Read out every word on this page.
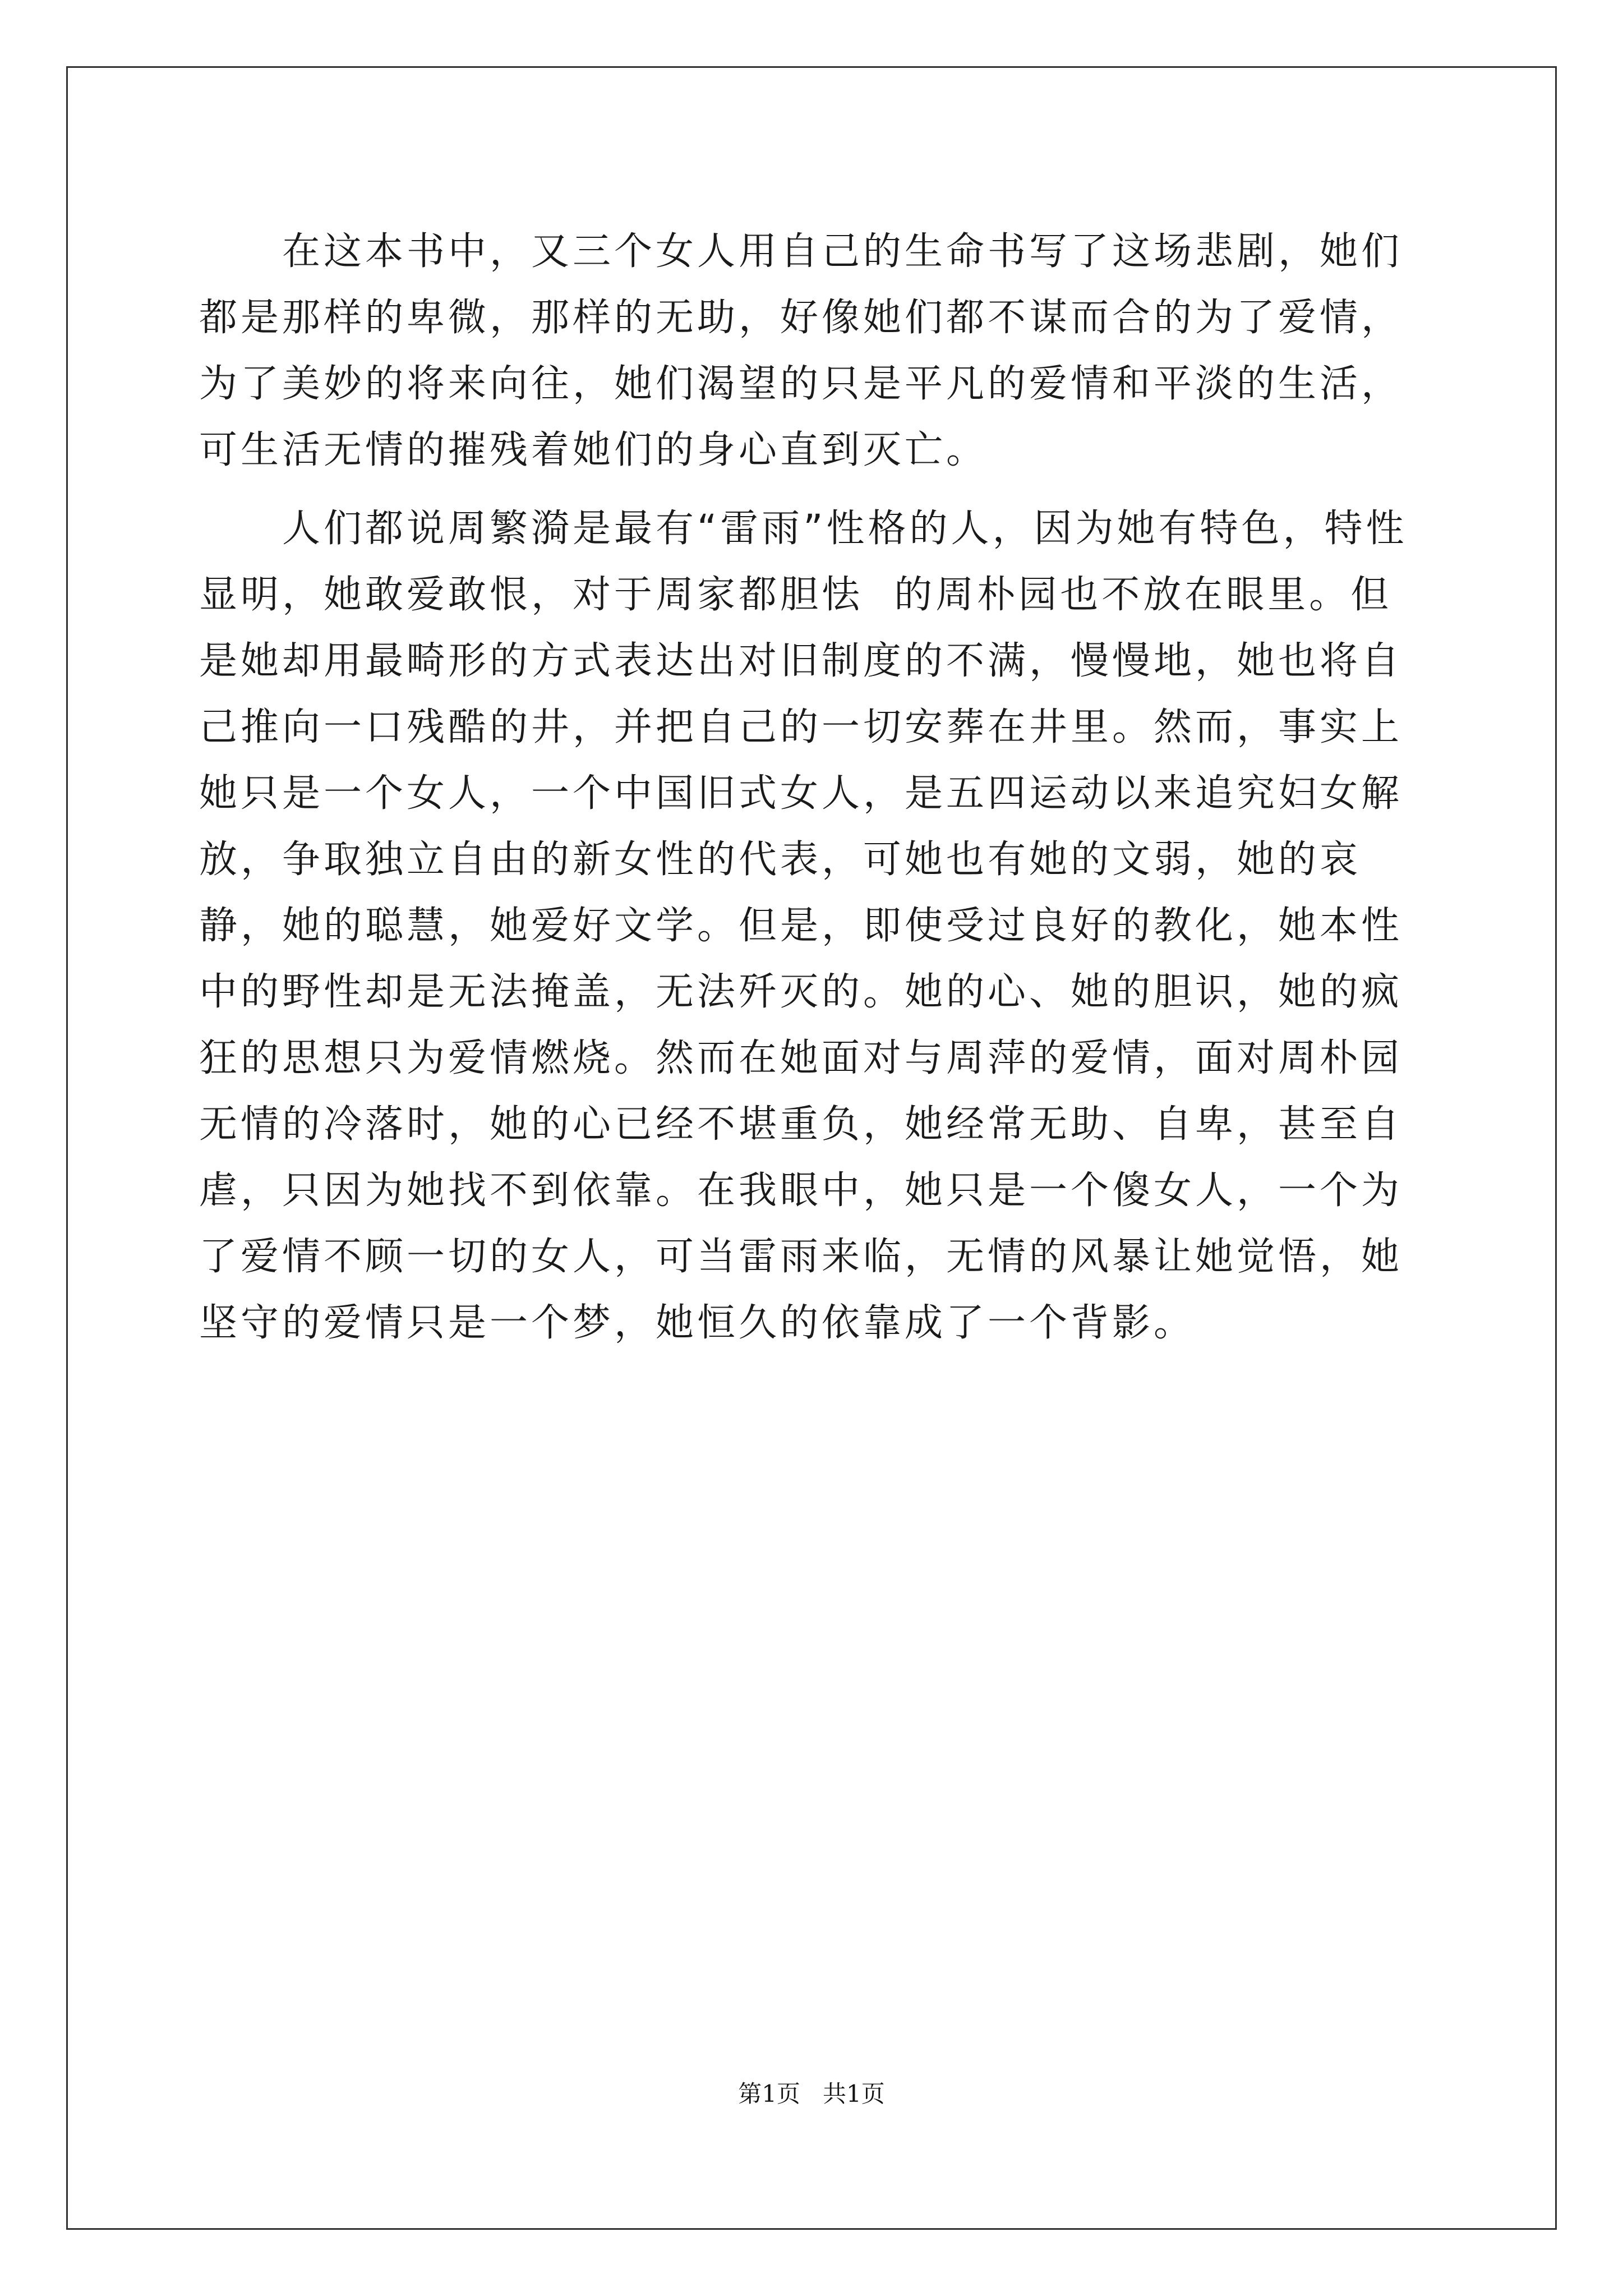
在这本书中，又三个女人用自己的生命书写了这场悲剧，她们都是那样的卑微，那样的无助，好像她们都不谋而合的为了爱情，为了美妙的将来向往，她们渴望的只是平凡的爱情和平淡的生活，可生活无情的摧残着她们的身心直到灭亡。

人们都说周繁漪是最有“雷雨”性格的人，因为她有特色，特性显明，她敢爱敢恨，对于周家都胆怯  的周朴园也不放在眼里。但是她却用最畸形的方式表达出对旧制度的不满，慢慢地，她也将自己推向一口残酷的井，并把自己的一切安葬在井里。然而，事实上她只是一个女人，一个中国旧式女人，是五四运动以来追究妇女解放，争取独立自由的新女性的代表，可她也有她的文弱，她的哀静，她的聪慧，她爱好文学。但是，即使受过良好的教化，她本性中的野性却是无法掩盖，无法歼灭的。她的心、她的胆识，她的疯狂的思想只为爱情燃烧。然而在她面对与周萍的爱情，面对周朴园无情的冷落时，她的心已经不堪重负，她经常无助、自卑，甚至自虐，只因为她找不到依靠。在我眼中，她只是一个傻女人，一个为了爱情不顾一切的女人，可当雷雨来临，无情的风暴让她觉悟，她坚守的爱情只是一个梦，她恒久的依靠成了一个背影。

第1页 共1页
